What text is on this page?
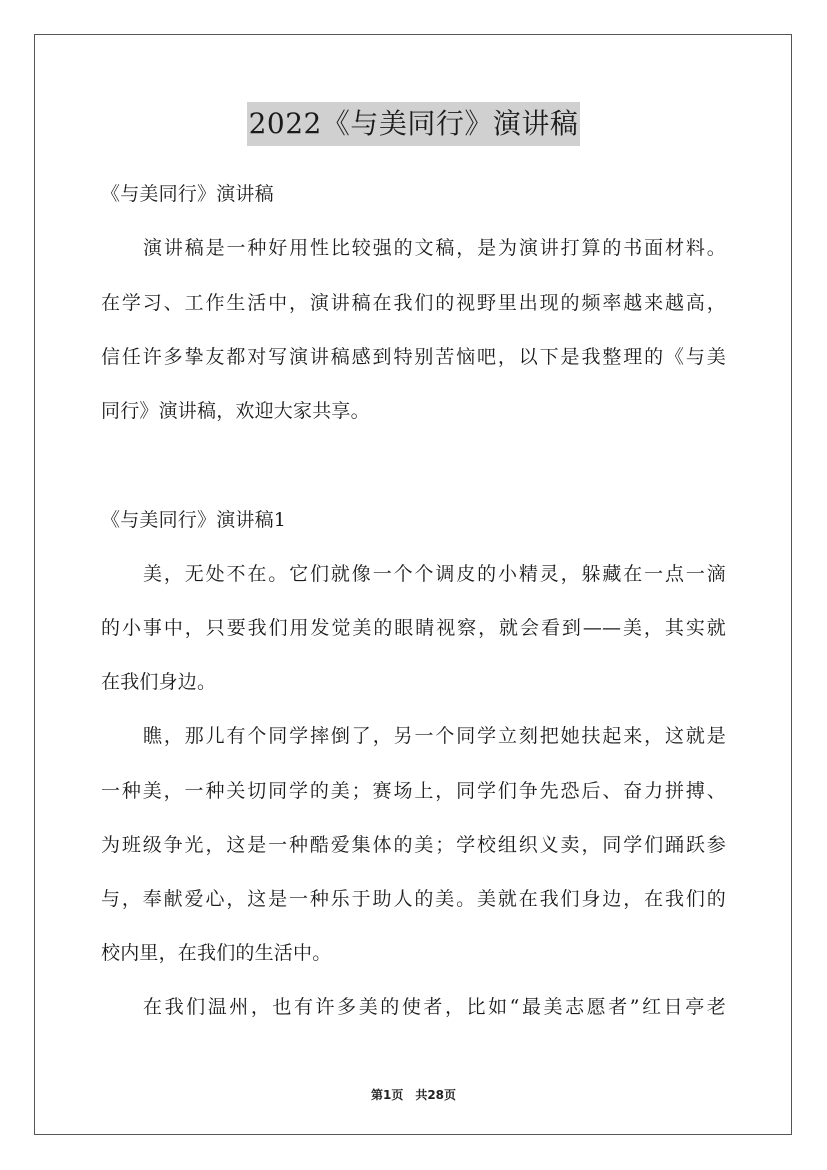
2022《与美同行》演讲稿
《与美同行》演讲稿
演讲稿是一种好用性比较强的文稿，是为演讲打算的书面材料。
在学习、工作生活中，演讲稿在我们的视野里出现的频率越来越高，
信任许多挚友都对写演讲稿感到特别苦恼吧，以下是我整理的《与美
同行》演讲稿，欢迎大家共享。
《与美同行》演讲稿1
美，无处不在。它们就像一个个调皮的小精灵，躲藏在一点一滴
的小事中，只要我们用发觉美的眼睛视察，就会看到——美，其实就
在我们身边。
瞧，那儿有个同学摔倒了，另一个同学立刻把她扶起来，这就是
一种美，一种关切同学的美；赛场上，同学们争先恐后、奋力拼搏、
为班级争光，这是一种酷爱集体的美；学校组织义卖，同学们踊跃参
与，奉献爱心，这是一种乐于助人的美。美就在我们身边，在我们的
校内里，在我们的生活中。
在我们温州，也有许多美的使者，比如“最美志愿者”红日亭老
第1页　共28页
